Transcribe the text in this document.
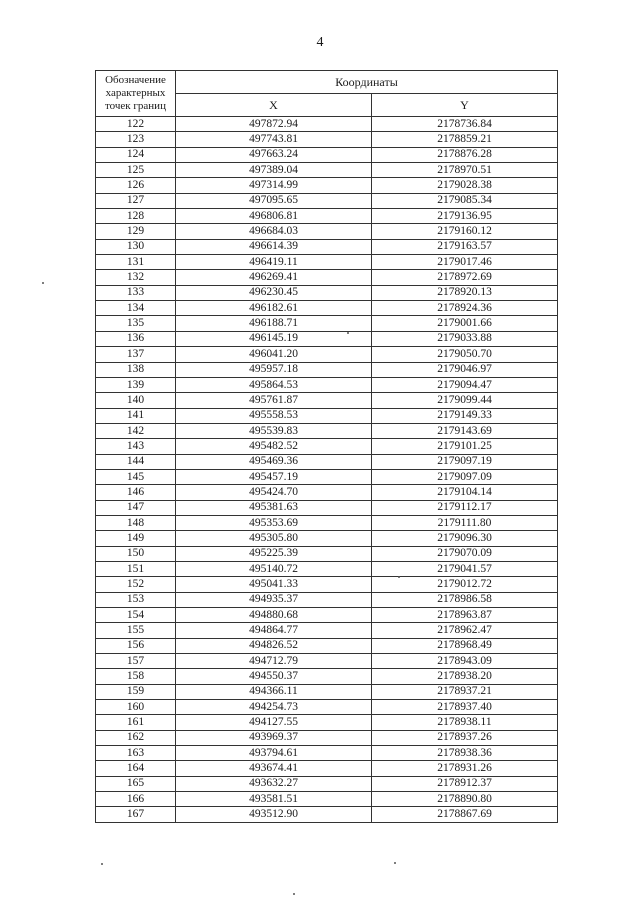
4
Обозначение характерных точек границ	Координаты	
	X	Y
122	497872.94	2178736.84
123	497743.81	2178859.21
124	497663.24	2178876.28
125	497389.04	2178970.51
126	497314.99	2179028.38
127	497095.65	2179085.34
128	496806.81	2179136.95
129	496684.03	2179160.12
130	496614.39	2179163.57
131	496419.11	2179017.46
132	496269.41	2178972.69
133	496230.45	2178920.13
134	496182.61	2178924.36
135	496188.71	2179001.66
136	496145.19	2179033.88
137	496041.20	2179050.70
138	495957.18	2179046.97
139	495864.53	2179094.47
140	495761.87	2179099.44
141	495558.53	2179149.33
142	495539.83	2179143.69
143	495482.52	2179101.25
144	495469.36	2179097.19
145	495457.19	2179097.09
146	495424.70	2179104.14
147	495381.63	2179112.17
148	495353.69	2179111.80
149	495305.80	2179096.30
150	495225.39	2179070.09
151	495140.72	2179041.57
152	495041.33	2179012.72
153	494935.37	2178986.58
154	494880.68	2178963.87
155	494864.77	2178962.47
156	494826.52	2178968.49
157	494712.79	2178943.09
158	494550.37	2178938.20
159	494366.11	2178937.21
160	494254.73	2178937.40
161	494127.55	2178938.11
162	493969.37	2178937.26
163	493794.61	2178938.36
164	493674.41	2178931.26
165	493632.27	2178912.37
166	493581.51	2178890.80
167	493512.90	2178867.69
